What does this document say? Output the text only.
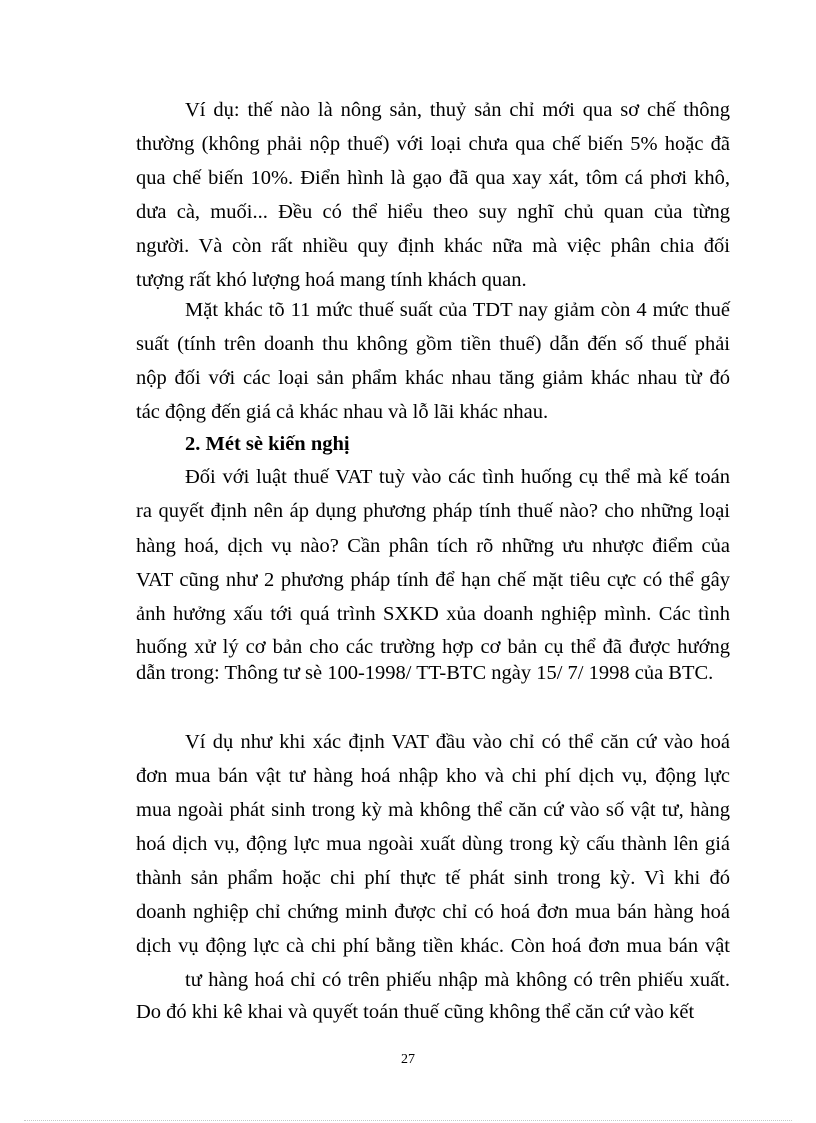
Ví dụ: thế nào là nông sản, thuỷ sản chỉ mới qua sơ chế thông
thường (không phải nộp thuế) với loại chưa qua chế biến 5% hoặc đã
qua chế biến 10%. Điển hình là gạo đã qua xay xát, tôm cá phơi khô,
dưa cà, muối... Đều có thể hiểu theo suy nghĩ chủ quan của từng
người. Và còn rất nhiều quy định khác nữa mà việc phân chia đối
tượng rất khó lượng hoá mang tính khách quan.
Mặt khác tõ 11 mức thuế suất của TDT nay giảm còn 4 mức thuế
suất (tính trên doanh thu không gồm tiền thuế) dẫn đến số thuế phải
nộp đối với các loại sản phẩm khác nhau tăng giảm khác nhau từ đó
tác động đến giá cả khác nhau và lỗ lãi khác nhau.
2. Mét sè kiến nghị
Đối với luật thuế VAT tuỳ vào các tình huống cụ thể mà kế toán
ra quyết định nên áp dụng phương pháp tính thuế nào? cho những loại
hàng hoá, dịch vụ nào? Cần phân tích rõ những ưu nhược điểm của
VAT cũng như 2 phương pháp tính để hạn chế mặt tiêu cực có thể gây
ảnh hưởng xấu tới quá trình SXKD xủa doanh nghiệp mình. Các tình
huống xử lý cơ bản cho các trường hợp cơ bản cụ thể đã được hướng
dẫn trong: Thông tư sè 100-1998/ TT-BTC ngày 15/ 7/ 1998 của BTC.
Ví dụ như khi xác định VAT đầu vào chỉ có thể căn cứ vào hoá
đơn mua bán vật tư hàng hoá nhập kho và chi phí dịch vụ, động lực
mua ngoài phát sinh trong kỳ mà không thể căn cứ vào số vật tư, hàng
hoá dịch vụ, động lực mua ngoài xuất dùng trong kỳ cấu thành lên giá
thành sản phẩm hoặc chi phí thực tế phát sinh trong kỳ. Vì khi đó
doanh nghiệp chỉ chứng minh được chỉ có hoá đơn mua bán hàng hoá
dịch vụ động lực cà chi phí bằng tiền khác. Còn hoá đơn mua bán vật
tư hàng hoá chỉ có trên phiếu nhập mà không có trên phiếu xuất.
Do đó khi kê khai và quyết toán thuế cũng không thể căn cứ vào kết
27
